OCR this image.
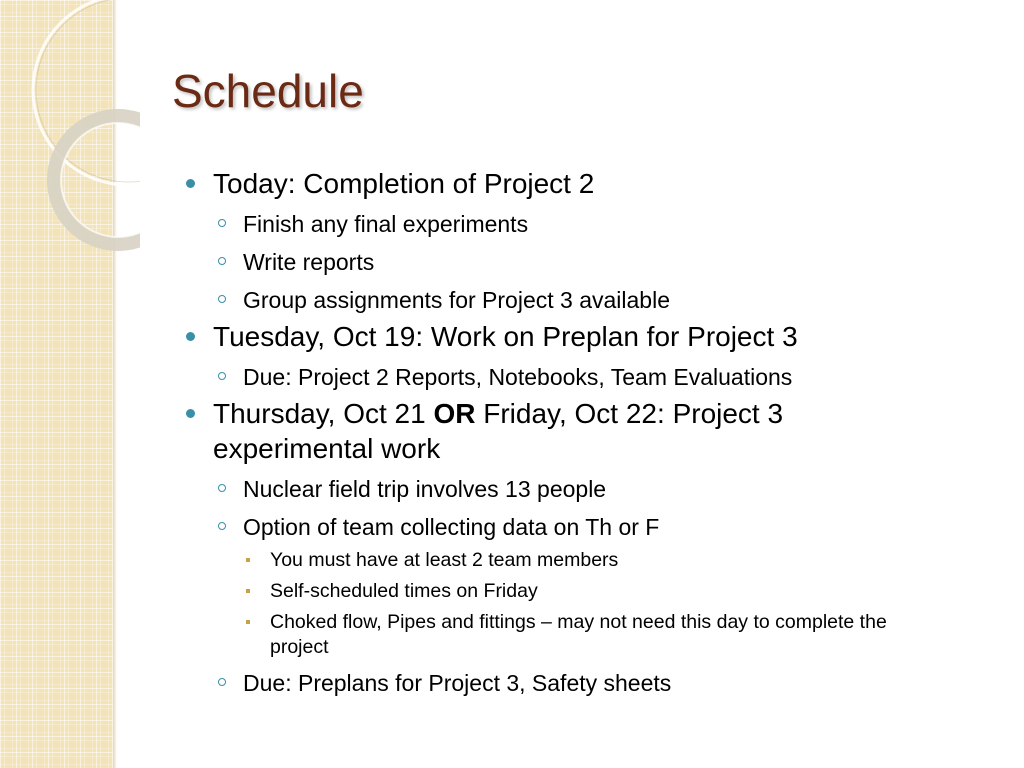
Schedule
Today: Completion of Project 2
Finish any final experiments
Write reports
Group assignments for Project 3 available
Tuesday, Oct 19: Work on Preplan for Project 3
Due: Project 2 Reports, Notebooks, Team Evaluations
Thursday, Oct 21 OR Friday, Oct 22: Project 3 experimental work
Nuclear field trip involves 13 people
Option of team collecting data on Th or F
You must have at least 2 team members
Self-scheduled times on Friday
Choked flow, Pipes and fittings – may not need this day to complete the project
Due: Preplans for Project 3, Safety sheets
